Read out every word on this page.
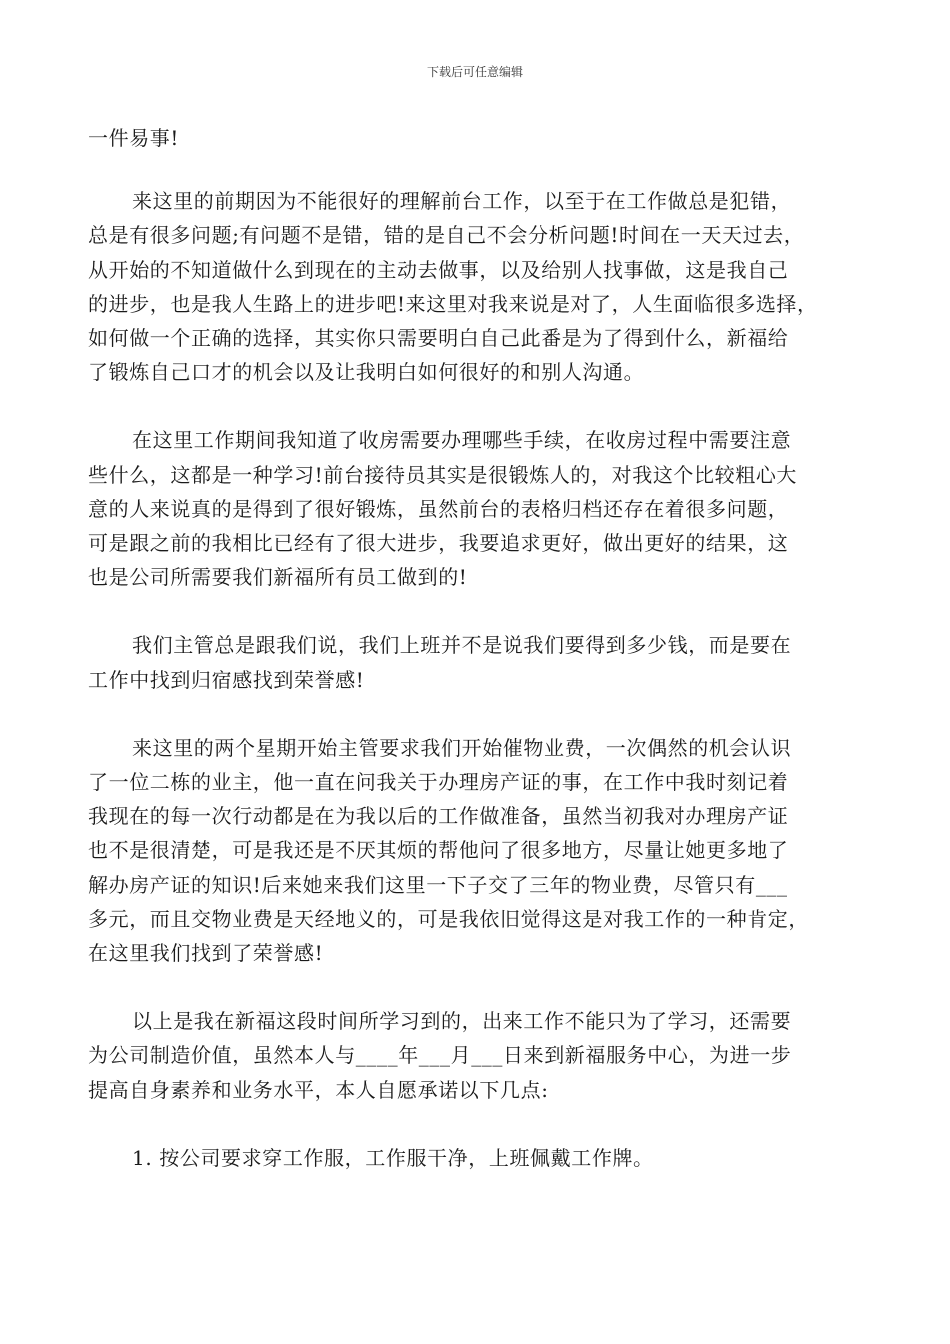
下载后可任意编辑

一件易事!

来这里的前期因为不能很好的理解前台工作，以至于在工作做总是犯错，
总是有很多问题;有问题不是错，错的是自己不会分析问题!时间在一天天过去，
从开始的不知道做什么到现在的主动去做事，以及给别人找事做，这是我自己
的进步，也是我人生路上的进步吧!来这里对我来说是对了，人生面临很多选择，
如何做一个正确的选择，其实你只需要明白自己此番是为了得到什么，新福给
了锻炼自己口才的机会以及让我明白如何很好的和别人沟通。

在这里工作期间我知道了收房需要办理哪些手续，在收房过程中需要注意
些什么，这都是一种学习!前台接待员其实是很锻炼人的，对我这个比较粗心大
意的人来说真的是得到了很好锻炼，虽然前台的表格归档还存在着很多问题，
可是跟之前的我相比已经有了很大进步，我要追求更好，做出更好的结果，这
也是公司所需要我们新福所有员工做到的!

我们主管总是跟我们说，我们上班并不是说我们要得到多少钱，而是要在
工作中找到归宿感找到荣誉感!

来这里的两个星期开始主管要求我们开始催物业费，一次偶然的机会认识
了一位二栋的业主，他一直在问我关于办理房产证的事，在工作中我时刻记着
我现在的每一次行动都是在为我以后的工作做准备，虽然当初我对办理房产证
也不是很清楚，可是我还是不厌其烦的帮他问了很多地方，尽量让她更多地了
解办房产证的知识!后来她来我们这里一下子交了三年的物业费，尽管只有___
多元，而且交物业费是天经地义的，可是我依旧觉得这是对我工作的一种肯定，
在这里我们找到了荣誉感!

以上是我在新福这段时间所学习到的，出来工作不能只为了学习，还需要
为公司制造价值，虽然本人与____年___月___日来到新福服务中心，为进一步
提高自身素养和业务水平，本人自愿承诺以下几点:

1. 按公司要求穿工作服，工作服干净，上班佩戴工作牌。
